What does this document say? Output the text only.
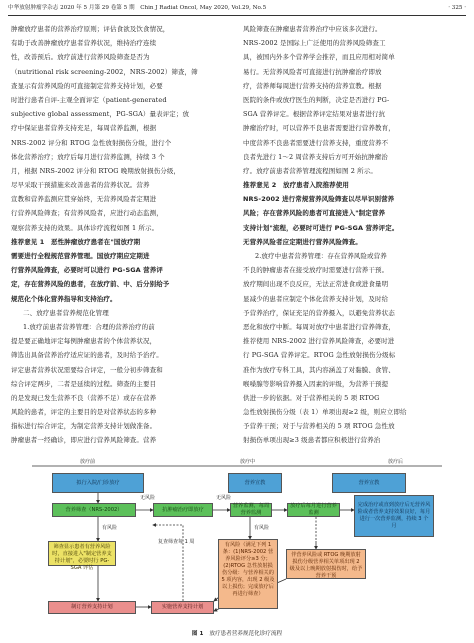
中华放射肿瘤学杂志 2020 年 5 月第 29 卷第 5 期　Chin J Radiat Oncol, May 2020, Vol.29, No.5	· 325 ·
肿瘤放疗患者的营养治疗原则；评估食欲及饮食情况，
有助于改善肿瘤放疗患者营养状况，维持治疗连续
性，改善预后。放疗前进行营养风险筛查是否为
（nutritional risk screening-2002，NRS-2002）筛查，筛
查显示有营养风险的可直接制定营养支持计划，必要
时进行患者自评-主观全面评定（patient-generated
subjective global assessment，PG-SGA）量表评定；放
疗中保证患者营养支持充足，每周营养监测，根据
NRS-2002 评分和 RTOG 急性放射损伤分级，进行个
体化营养治疗；放疗后每月进行营养监测，持续 3 个
月，根据 NRS-2002 评分和 RTOG 晚期放射损伤分级，
尽早采取干预措施来改善患者的营养状况。营养
宣教和营养监测应贯穿始终，无营养风险者定期进
行营养风险筛查；有营养风险者，应进行动态监测，
观察营养支持的效果。具体诊疗流程如图 1 所示。
推荐意见 1　恶性肿瘤放疗患者在"国放疗期
需要进行全程规范营养管理。国放疗期应定期进
行营养风险筛查，必要时可以进行 PG-SGA 营养评
定，存在营养风险的患者，在放疗前、中、后分别给予
规范化个体化营养指导和支持治疗。
二、放疗患者营养规范化管理
1.放疗前患者营养管理：合理的营养治疗的前
提是要正确地评定每例肿瘤患者的个体营养状况，
筛选出具备营养治疗适应证的患者，及时给予治疗。
评定患者营养状况需要综合评定，一般分初步筛查和
综合评定两步，二者是延续的过程。筛查的主要目
的是发现已发生营养不良（营养不足）或存在营养
风险的患者，评定的主要目的是对营养状态的多种
指标进行综合评定，为制定营养支持计划做准备。
肿瘤患者一经确诊，即应进行营养风险筛查。营养
风险筛查在肿瘤患者营养治疗中应该多次进行。
NRS-2002 是国际上广泛使用的营养风险筛查工
具，被国内外多个营养学会推荐，而且应用相对简单
易行。无营养风险者可直接进行抗肿瘤治疗即放
疗，营养师每周进行营养支持的营养宣教。根据
医院的条件或放疗医生的判断，决定是否进行 PG-
SGA 营养评定。根据营养评定结果对患者进行抗
肿瘤治疗时，可以营养不良患者需要进行营养教育，
中度营养不良患者需要进行营养支持，重度营养不
良者先进行 1～2 周营养支持后方可开始抗肿瘤治
疗。放疗前患者营养管理流程图如图 2 所示。
推荐意见 2　放疗患者入院推荐使用
NRS-2002 进行常规营养风险筛查以尽早识别营养
风险；存在营养风险的患者可直接进入"制定营养
支持计划"流程，必要时可进行 PG-SGA 营养评定。
无营养风险者应定期进行营养风险筛查。
2.放疗中患者营养管理：存在营养风险或营养
不良的肿瘤患者在接受放疗时需要进行营养干预。
放疗期间出现不良反应，无法正常进食或进食量明
显减少的患者应制定个体化营养支持计划，及时给
予营养治疗，保证充足的营养摄入，以避免营养状态
恶化和放疗中断。每周对放疗中患者进行营养筛查，
推荐使用 NRS-2002 进行营养风险筛查，必要时进
行 PG-SGA 营养评定。RTOG 急性放射损伤分级标
准作为放疗专科工具，其内容涵盖了对黏膜、食管、
喉嗓腺等影响营养摄入因素的评级，为营养干预提
供进一步的依据。对于营养相关的 5 项 RTOG
急性放射损伤分级（表 1）单项出现≥2 级，则应立即给
予营养干预；对于与营养相关的 5 项 RTOG 急性放
射损伤单项出现≥3 级患者都应积极进行营养治
放疗前	放疗中	放疗后
拟行入院/门诊放疗	营养宣教	营养宣教
营养筛查（NRS-2002）	抗肿瘤治疗即放疗
营养监测，每周营养监测
放疗后每月进行营养监测
完成治疗或直到放疗后无营养风险或者营养支持效果良好，每月进行一次营养监测，持续 3 个月
无风险	无风险
有风险	有风险
复查筛查每 1 周
筛查显示患者有营养风险时，直接进入"制定营养支持计划"，必要时行 PG-SGA 评估
制订营养支持计划	实施营养支持计划
有风险（满足下列 1 条：(1)NRS-2002 营养风险评分≥3 分；(2)RTOG 急性放射损伤分级：与营养相关的 5 项内容，出现 2 级及以上损伤；完成放疗后再进行筛查）
伴营养风险或 RTOG 晚期放射损伤分级营养相关单项出现 2 级及以上晚期放射损伤时，给予营养干预
图 1 放疗患者营养规范化诊疗流程
